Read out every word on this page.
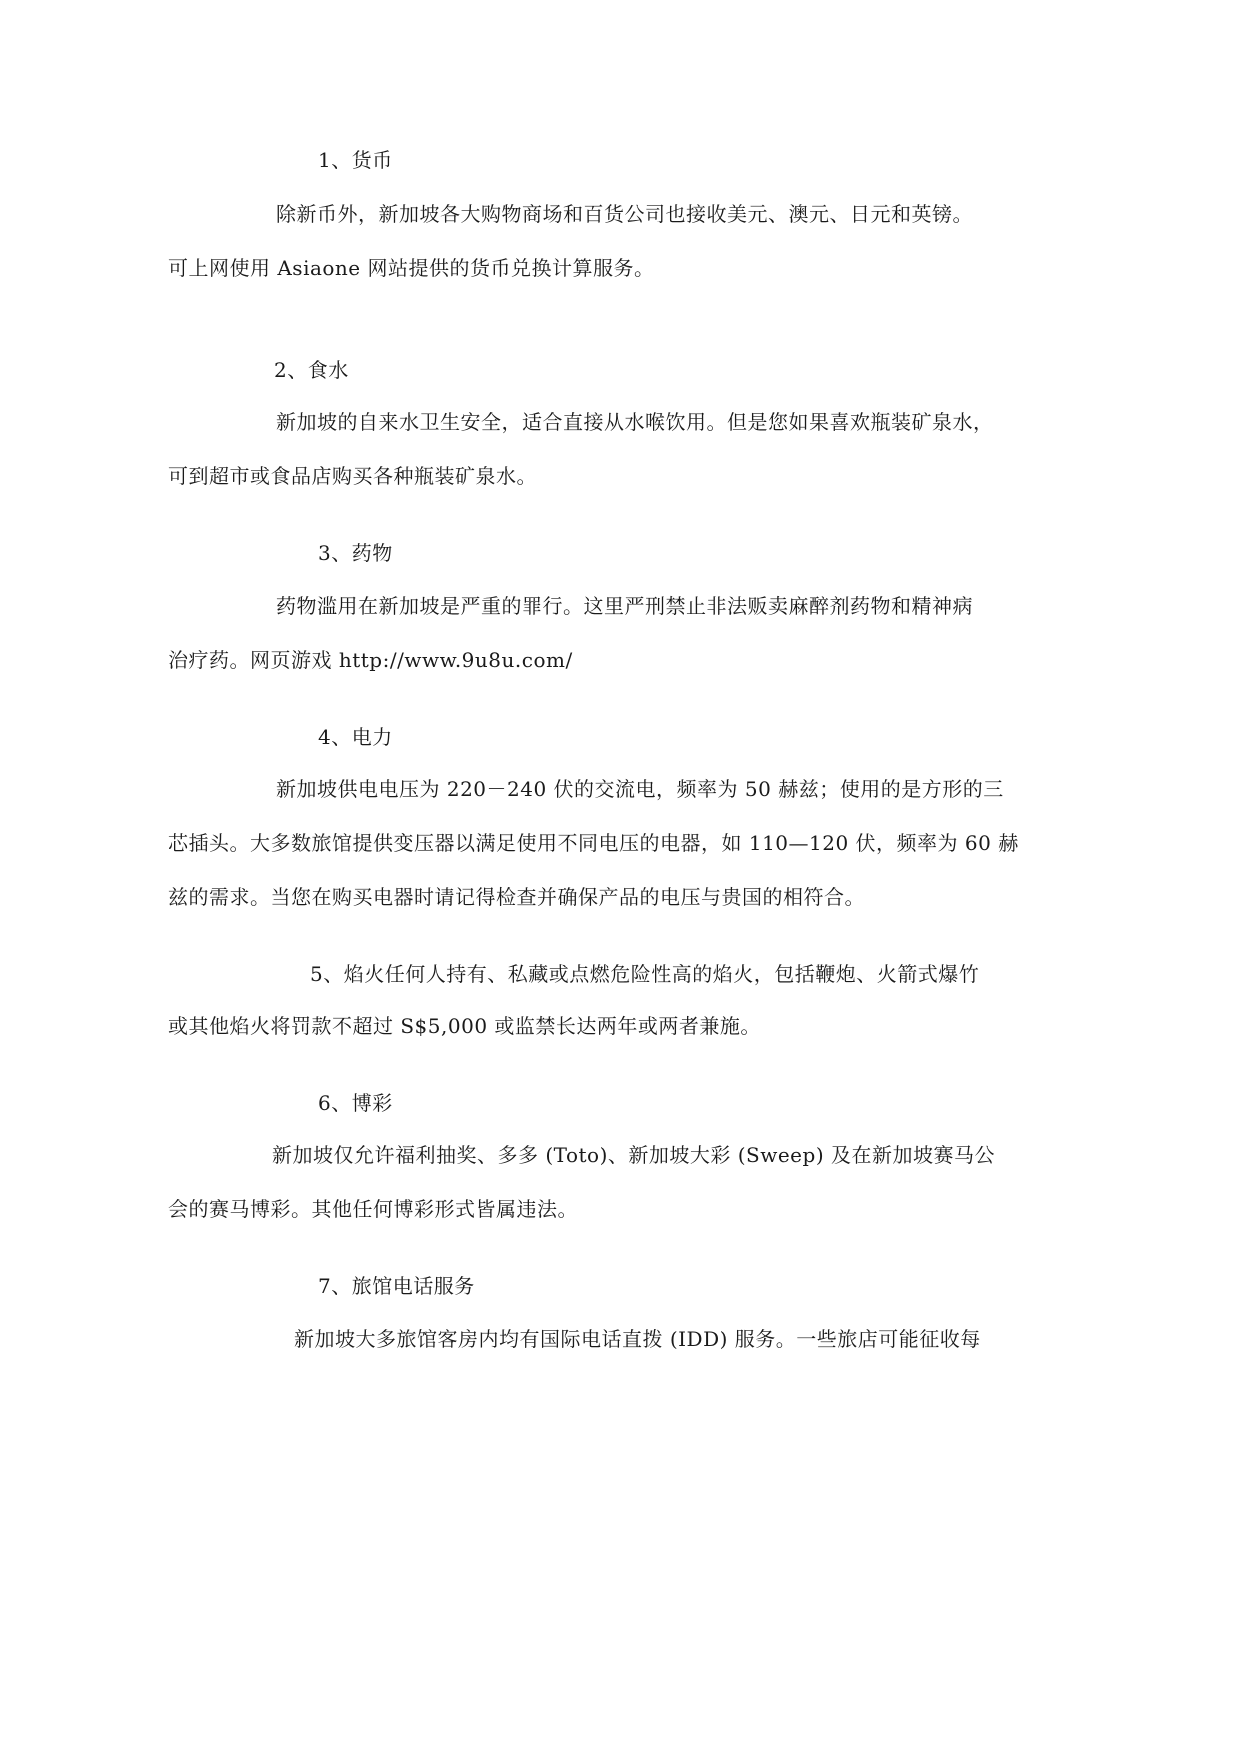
1、货币

除新币外，新加坡各大购物商场和百货公司也接收美元、澳元、日元和英镑。

可上网使用 Asiaone 网站提供的货币兑换计算服务。

2、食水

新加坡的自来水卫生安全，适合直接从水喉饮用。但是您如果喜欢瓶装矿泉水，

可到超市或食品店购买各种瓶装矿泉水。

3、药物

药物滥用在新加坡是严重的罪行。这里严刑禁止非法贩卖麻醉剂药物和精神病

治疗药。网页游戏 http://www.9u8u.com/

4、电力

新加坡供电电压为 220－240 伏的交流电，频率为 50 赫兹；使用的是方形的三

芯插头。大多数旅馆提供变压器以满足使用不同电压的电器，如 110—120 伏，频率为 60 赫

兹的需求。当您在购买电器时请记得检查并确保产品的电压与贵国的相符合。

5、焰火任何人持有、私藏或点燃危险性高的焰火，包括鞭炮、火箭式爆竹

或其他焰火将罚款不超过 S$5,000 或监禁长达两年或两者兼施。

6、博彩

新加坡仅允许福利抽奖、多多 (Toto)、新加坡大彩 (Sweep) 及在新加坡赛马公

会的赛马博彩。其他任何博彩形式皆属违法。

7、旅馆电话服务

新加坡大多旅馆客房内均有国际电话直拨 (IDD) 服务。一些旅店可能征收每
